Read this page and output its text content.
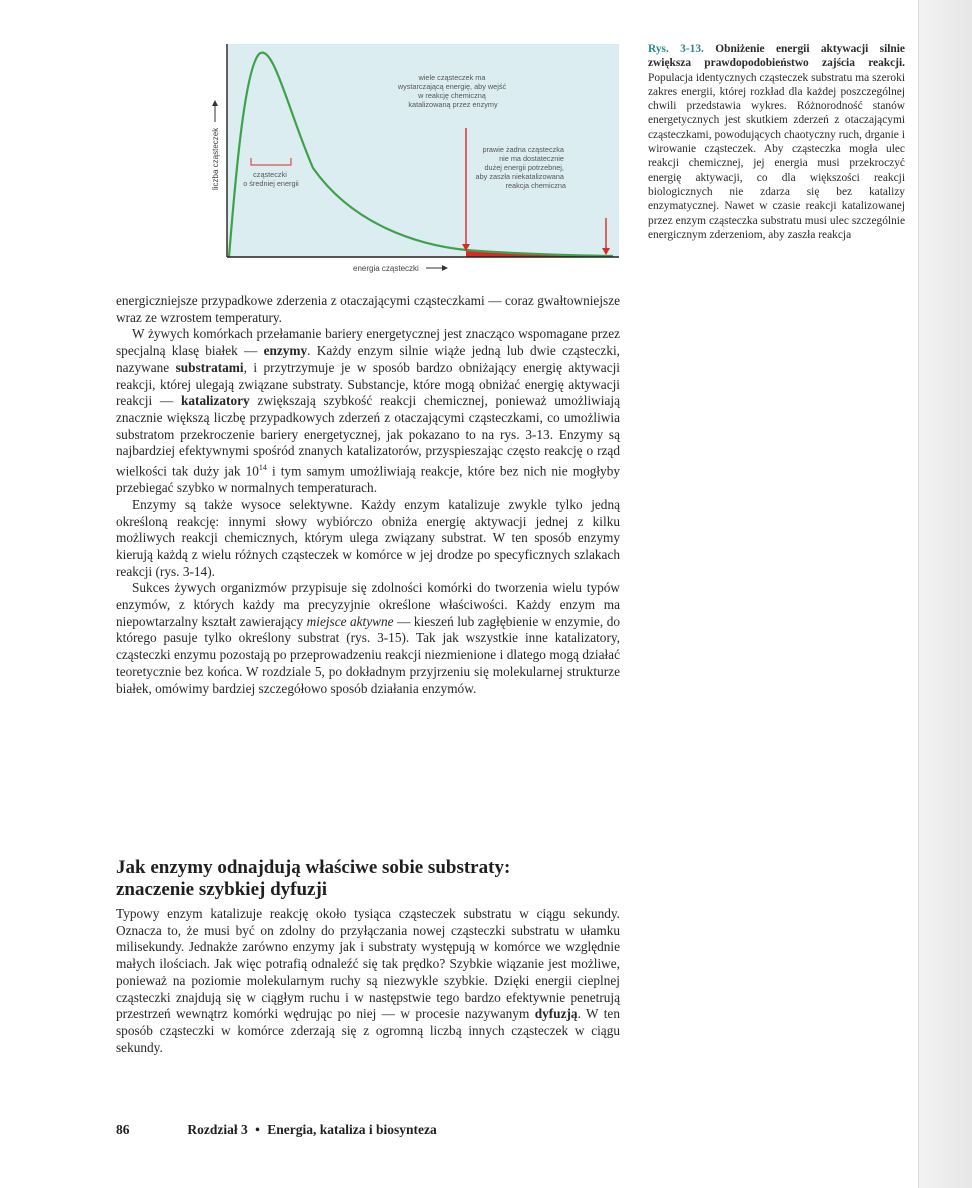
wiele cząsteczek ma wystarczającą energię, aby wejść w reakcję chemiczną katalizowaną przez enzymy
cząsteczki o średniej energii
prawie żadna cząsteczka nie ma dostatecznie dużej energii potrzebnej, aby zaszła niekatalizowana reakcja chemiczna
liczba cząsteczek
energia cząsteczki
Rys. 3-13. Obniżenie energii aktywacji silnie zwiększa prawdopodobieństwo zajścia reakcji. Populacja identycznych cząsteczek substratu ma szeroki zakres energii, której rozkład dla każdej poszczególnej chwili przedstawia wykres. Różnorodność stanów energetycznych jest skutkiem zderzeń z otaczającymi cząsteczkami, powodujących chaotyczny ruch, drganie i wirowanie cząsteczek. Aby cząsteczka mogła ulec reakcji chemicznej, jej energia musi przekroczyć energię aktywacji, co dla większości reakcji biologicznych nie zdarza się bez katalizy enzymatycznej. Nawet w czasie reakcji katalizowanej przez enzym cząsteczka substratu musi ulec szczególnie energicznym zderzeniom, aby zaszła reakcja

energiczniejsze przypadkowe zderzenia z otaczającymi cząsteczkami — coraz gwałtowniejsze wraz ze wzrostem temperatury.

W żywych komórkach przełamanie bariery energetycznej jest znacząco wspomagane przez specjalną klasę białek — enzymy. Każdy enzym silnie wiąże jedną lub dwie cząsteczki, nazywane substratami, i przytrzymuje je w sposób bardzo obniżający energię aktywacji reakcji, której ulegają związane substraty. Substancje, które mogą obniżać energię aktywacji reakcji — katalizatory zwiększają szybkość reakcji chemicznej, ponieważ umożliwiają znacznie większą liczbę przypadkowych zderzeń z otaczającymi cząsteczkami, co umożliwia substratom przekroczenie bariery energetycznej, jak pokazano to na rys. 3-13. Enzymy są najbardziej efektywnymi spośród znanych katalizatorów, przyspieszając często reakcję o rząd wielkości tak duży jak $10^{14}$ i tym samym umożliwiają reakcje, które bez nich nie mogłyby przebiegać szybko w normalnych temperaturach.

Enzymy są także wysoce selektywne. Każdy enzym katalizuje zwykle tylko jedną określoną reakcję: innymi słowy wybiórczo obniża energię aktywacji jednej z kilku możliwych reakcji chemicznych, którym ulega związany substrat. W ten sposób enzymy kierują każdą z wielu różnych cząsteczek w komórce w jej drodze po specyficznych szlakach reakcji (rys. 3-14).

Sukces żywych organizmów przypisuje się zdolności komórki do tworzenia wielu typów enzymów, z których każdy ma precyzyjnie określone właściwości. Każdy enzym ma niepowtarzalny kształt zawierający miejsce aktywne — kieszeń lub zagłębienie w enzymie, do którego pasuje tylko określony substrat (rys. 3-15). Tak jak wszystkie inne katalizatory, cząsteczki enzymu pozostają po przeprowadzeniu reakcji niezmienione i dlatego mogą działać teoretycznie bez końca. W rozdziale 5, po dokładnym przyjrzeniu się molekularnej strukturze białek, omówimy bardziej szczegółowo sposób działania enzymów.

Jak enzymy odnajdują właściwe sobie substraty:
znaczenie szybkiej dyfuzji

Typowy enzym katalizuje reakcję około tysiąca cząsteczek substratu w ciągu sekundy. Oznacza to, że musi być on zdolny do przyłączania nowej cząsteczki substratu w ułamku milisekundy. Jednakże zarówno enzymy jak i substraty występują w komórce we względnie małych ilościach. Jak więc potrafią odnaleźć się tak prędko? Szybkie wiązanie jest możliwe, ponieważ na poziomie molekularnym ruchy są niezwykle szybkie. Dzięki energii cieplnej cząsteczki znajdują się w ciągłym ruchu i w następstwie tego bardzo efektywnie penetrują przestrzeń wewnątrz komórki wędrując po niej — w procesie nazywanym dyfuzją. W ten sposób cząsteczki w komórce zderzają się z ogromną liczbą innych cząsteczek w ciągu sekundy.

86	Rozdział 3 • Energia, kataliza i biosynteza
